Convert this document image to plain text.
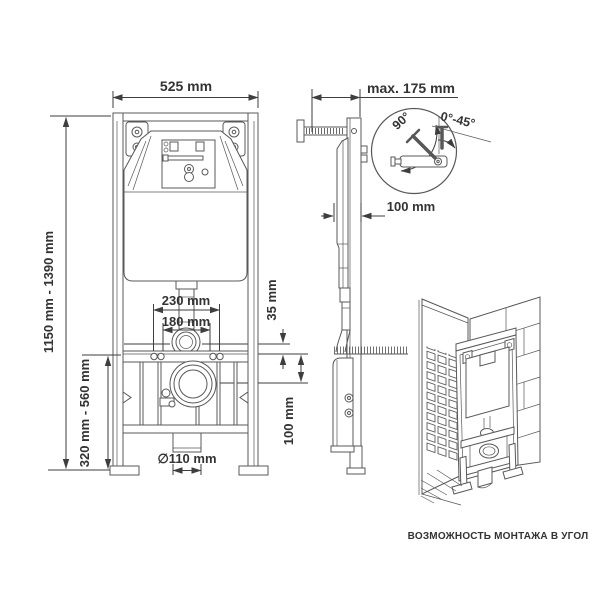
525 mm
1150 mm - 1390 mm
320 mm - 560 mm
230 mm
180 mm
35 mm
100 mm
∅110 mm
max. 175 mm
100 mm
90° 0°-45°
ВОЗМОЖНОСТЬ МОНТАЖА В УГОЛ
